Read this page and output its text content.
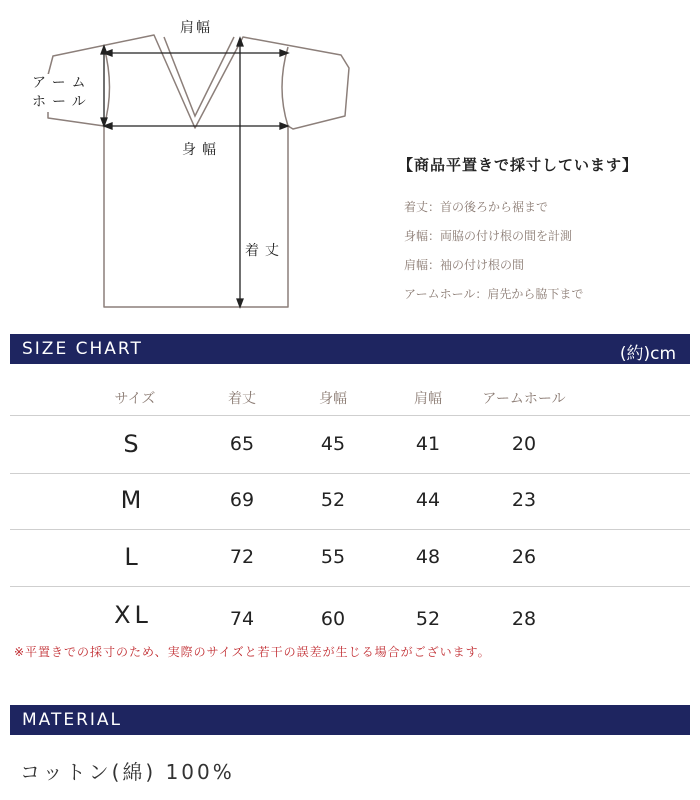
肩幅
アーム
ホール
身幅
着丈
【商品平置きで採寸しています】
着丈：首の後ろから裾まで
身幅：両脇の付け根の間を計測
肩幅：袖の付け根の間
アームホール：肩先から脇下まで
SIZE CHART	(約)cm
サイズ	着丈	身幅	肩幅	アームホール
S	65	45	41	20
M	69	52	44	23
L	72	55	48	26
XL	74	60	52	28
※平置きでの採寸のため、実際のサイズと若干の誤差が生じる場合がございます。
MATERIAL
コットン(綿) 100%
